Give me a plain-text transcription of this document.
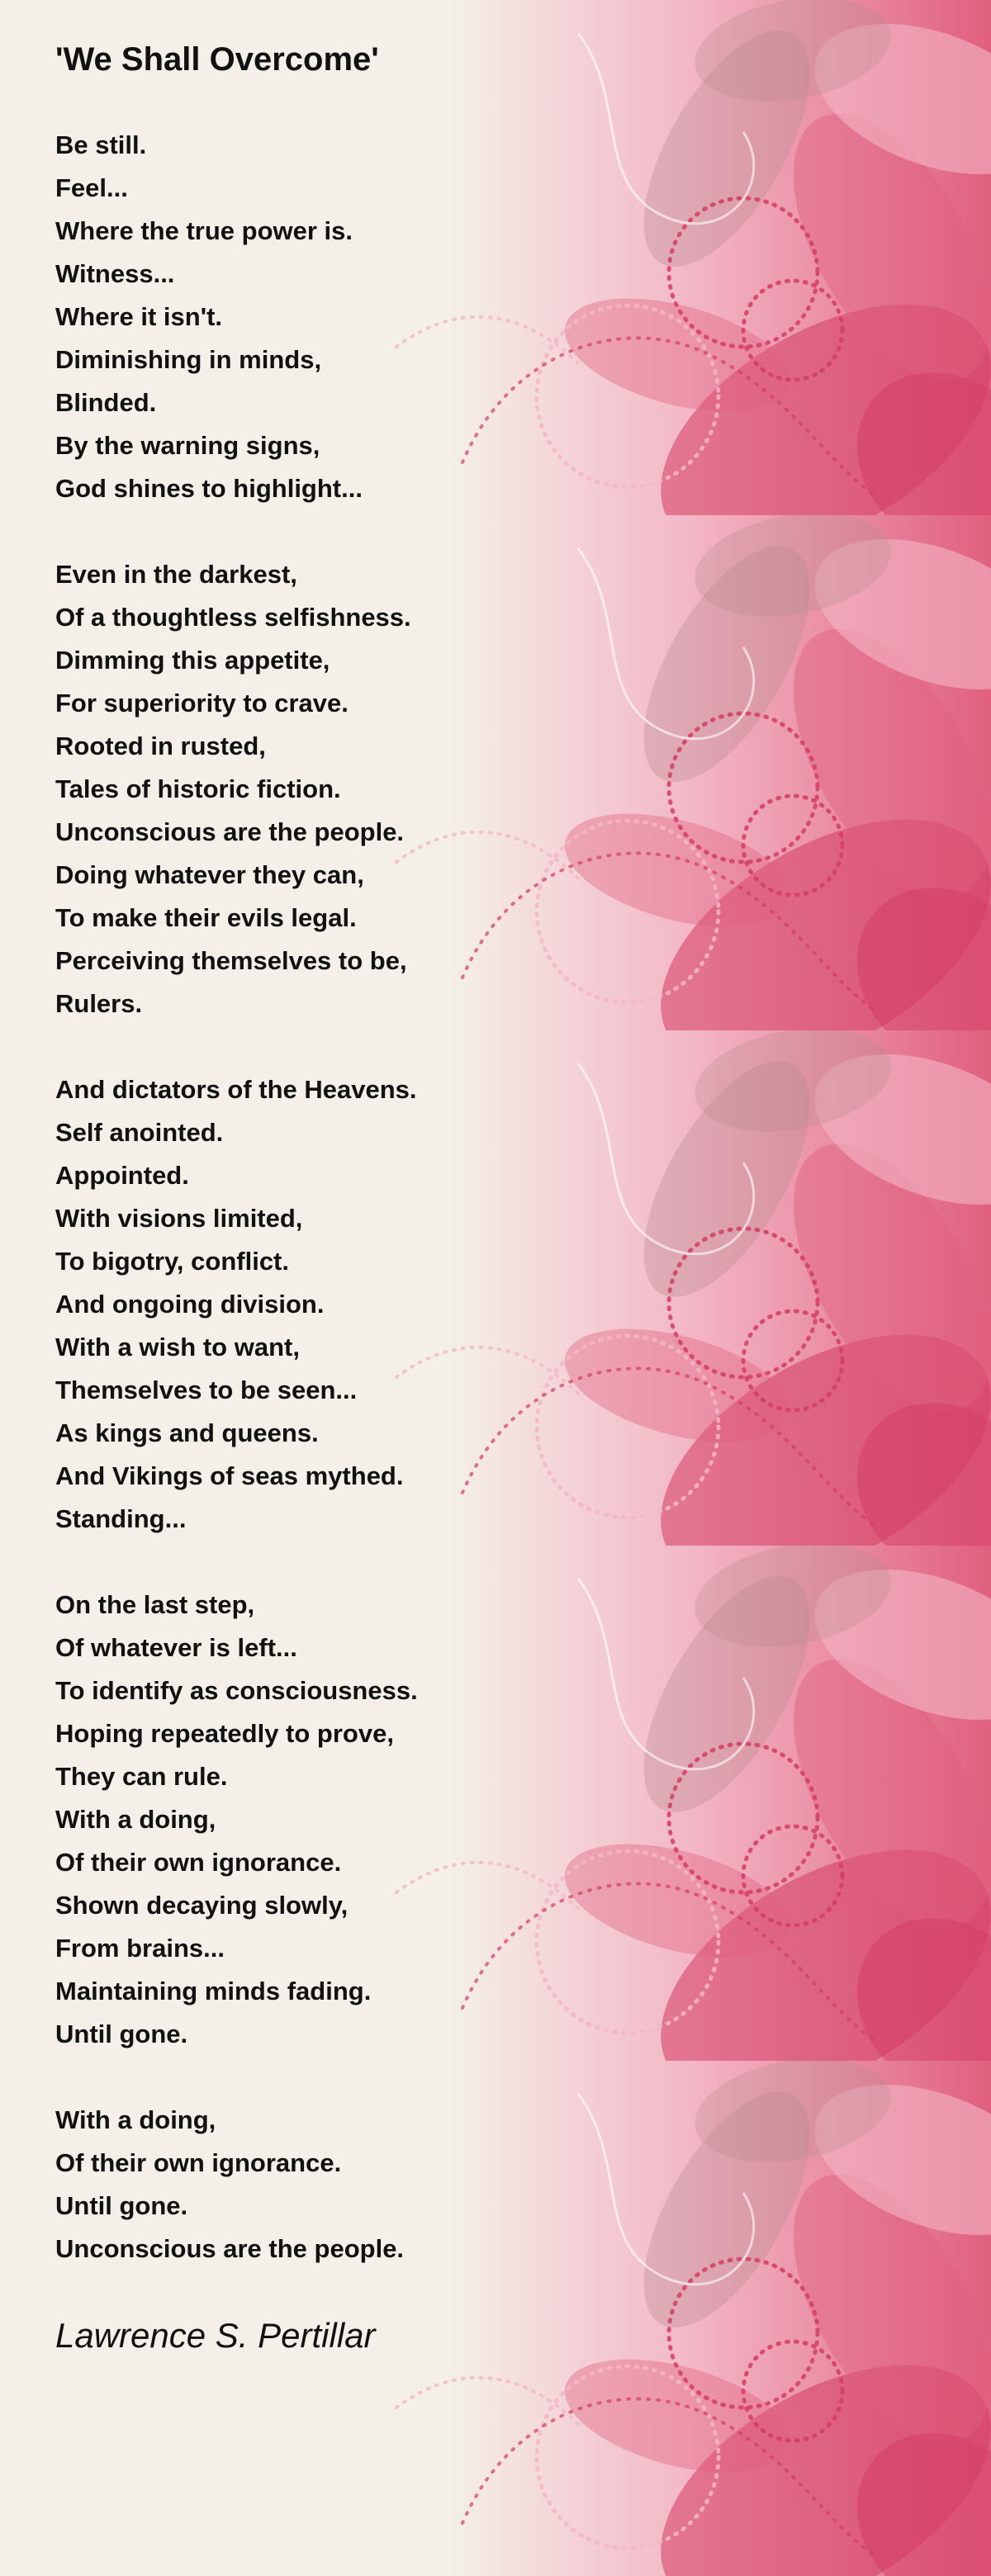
'We Shall Overcome'
Be still.
Feel...
Where the true power is.
Witness...
Where it isn't.
Diminishing in minds,
Blinded.
By the warning signs,
God shines to highlight...
Even in the darkest,
Of a thoughtless selfishness.
Dimming this appetite,
For superiority to crave.
Rooted in rusted,
Tales of historic fiction.
Unconscious are the people.
Doing whatever they can,
To make their evils legal.
Perceiving themselves to be,
Rulers.
And dictators of the Heavens.
Self anointed.
Appointed.
With visions limited,
To bigotry, conflict.
And ongoing division.
With a wish to want,
Themselves to be seen...
As kings and queens.
And Vikings of seas mythed.
Standing...
On the last step,
Of whatever is left...
To identify as consciousness.
Hoping repeatedly to prove,
They can rule.
With a doing,
Of their own ignorance.
Shown decaying slowly,
From brains...
Maintaining minds fading.
Until gone.
With a doing,
Of their own ignorance.
Until gone.
Unconscious are the people.
Lawrence S. Pertillar
